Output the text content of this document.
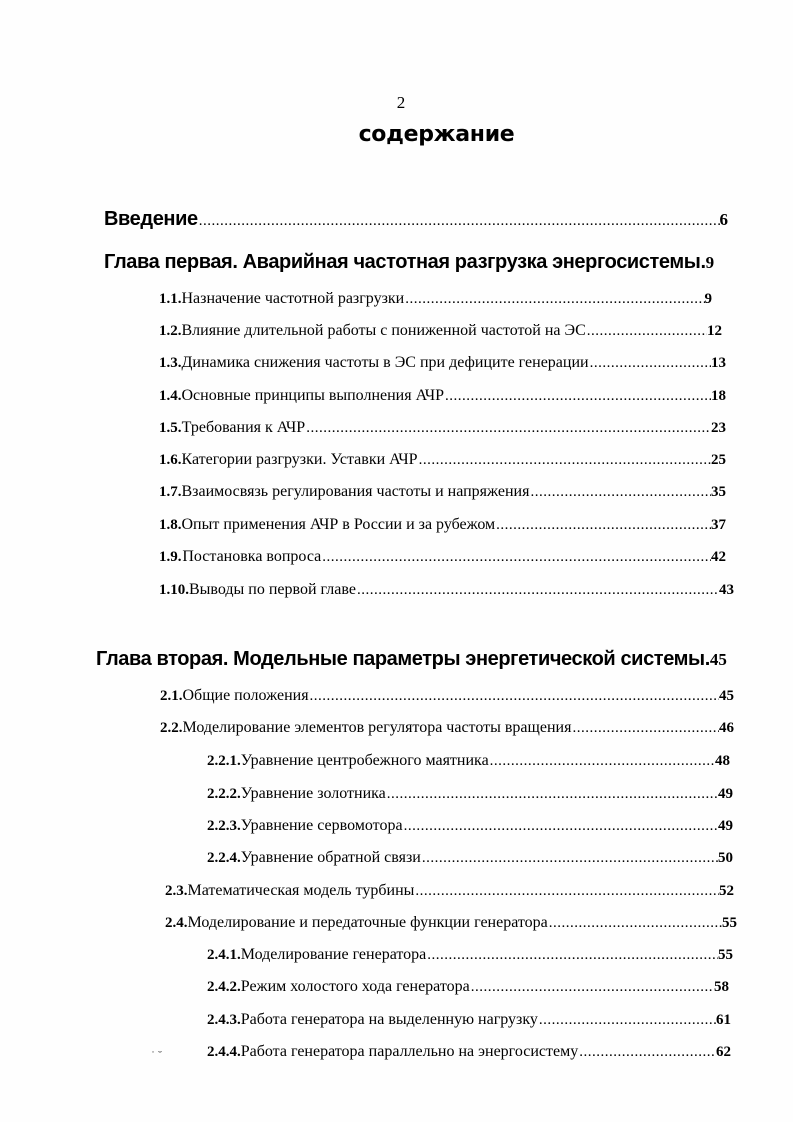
2
содержание
Введение .....	6
Глава первая. Аварийная частотная разгрузка энергосистемы. 9
1.1. Назначение частотной разгрузки .....	9
1.2. Влияние длительной работы с пониженной частотой на ЭС .....	12
1.3. Динамика снижения частоты в ЭС при дефиците генерации .....	13
1.4. Основные принципы выполнения АЧР .....	18
1.5. Требования к АЧР .....	23
1.6. Категории разгрузки. Уставки АЧР .....	25
1.7. Взаимосвязь регулирования частоты и напряжения .....	35
1.8. Опыт применения АЧР в России и за рубежом .....	37
1.9. Постановка вопроса .....	42
1.10. Выводы по первой главе .....	43
Глава вторая. Модельные параметры энергетической системы. 45
2.1. Общие положения .....	45
2.2. Моделирование элементов регулятора частоты вращения .....	46
2.2.1. Уравнение центробежного маятника .....	48
2.2.2. Уравнение золотника .....	49
2.2.3. Уравнение сервомотора .....	49
2.2.4. Уравнение обратной связи .....	50
2.3. Математическая модель турбины .....	52
2.4. Моделирование и передаточные функции генератора .....	55
2.4.1. Моделирование генератора .....	55
2.4.2. Режим холостого хода генератора .....	58
2.4.3. Работа генератора на выделенную нагрузку .....	61
2.4.4. Работа генератора параллельно на энергосистему .....	62
˙ ˘
